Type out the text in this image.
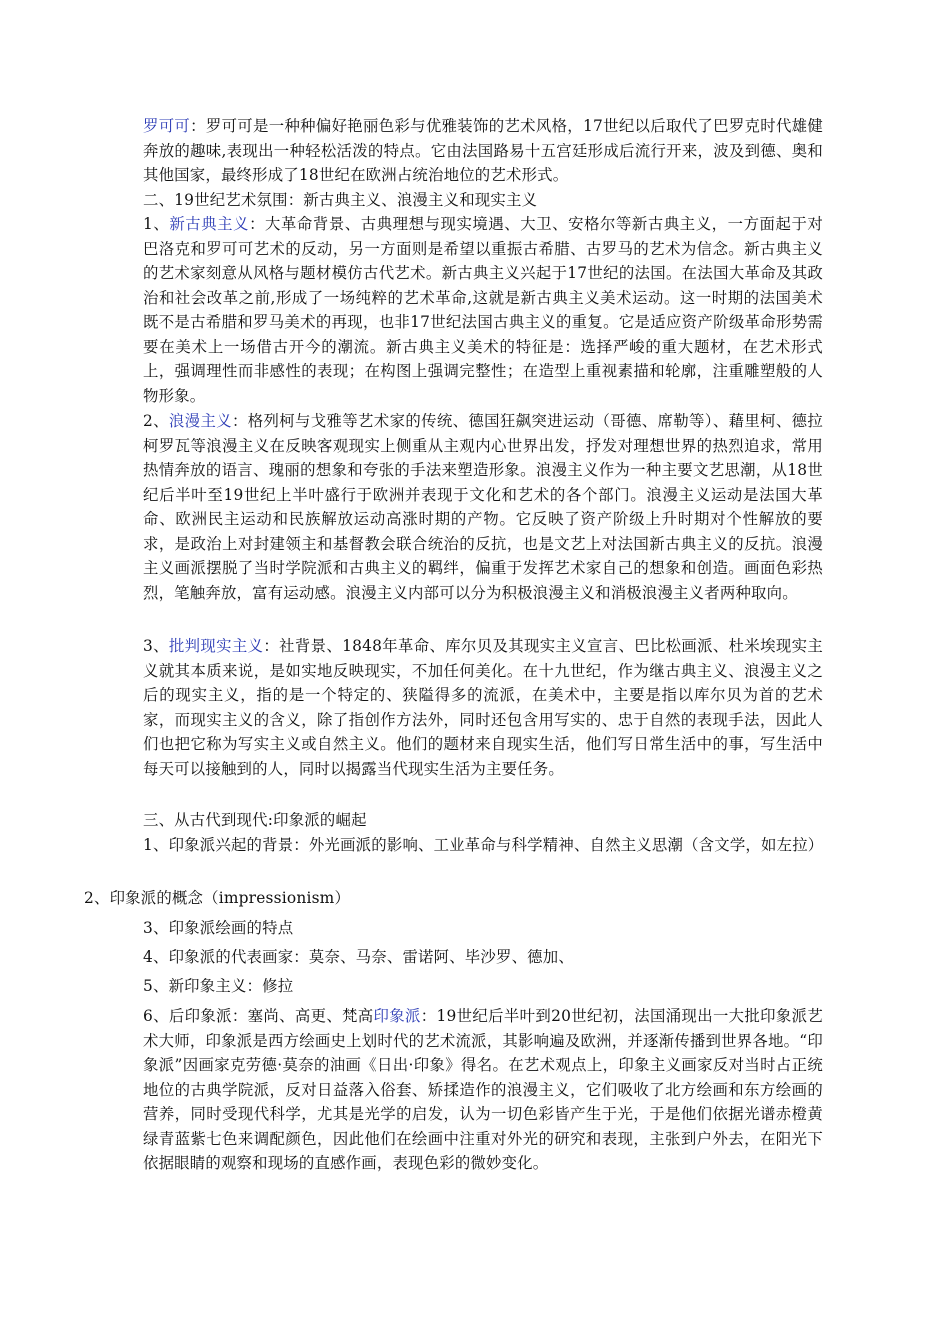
罗可可：罗可可是一种种偏好艳丽色彩与优雅装饰的艺术风格，17世纪以后取代了巴罗克时代雄健奔放的趣味,表现出一种轻松活泼的特点。它由法国路易十五宫廷形成后流行开来，波及到德、奥和其他国家，最终形成了18世纪在欧洲占统治地位的艺术形式。

二、19世纪艺术氛围：新古典主义、浪漫主义和现实主义

1、新古典主义：大革命背景、古典理想与现实境遇、大卫、安格尔等新古典主义，一方面起于对巴洛克和罗可可艺术的反动，另一方面则是希望以重振古希腊、古罗马的艺术为信念。新古典主义的艺术家刻意从风格与题材模仿古代艺术。新古典主义兴起于17世纪的法国。在法国大革命及其政治和社会改革之前,形成了一场纯粹的艺术革命,这就是新古典主义美术运动。这一时期的法国美术既不是古希腊和罗马美术的再现，也非17世纪法国古典主义的重复。它是适应资产阶级革命形势需要在美术上一场借古开今的潮流。新古典主义美术的特征是：选择严峻的重大题材，在艺术形式上，强调理性而非感性的表现；在构图上强调完整性；在造型上重视素描和轮廓，注重雕塑般的人物形象。

2、浪漫主义：格列柯与戈雅等艺术家的传统、德国狂飙突进运动（哥德、席勒等）、藉里柯、德拉柯罗瓦等浪漫主义在反映客观现实上侧重从主观内心世界出发，抒发对理想世界的热烈追求，常用热情奔放的语言、瑰丽的想象和夸张的手法来塑造形象。浪漫主义作为一种主要文艺思潮，从18世纪后半叶至19世纪上半叶盛行于欧洲并表现于文化和艺术的各个部门。浪漫主义运动是法国大革命、欧洲民主运动和民族解放运动高涨时期的产物。它反映了资产阶级上升时期对个性解放的要求，是政治上对封建领主和基督教会联合统治的反抗，也是文艺上对法国新古典主义的反抗。浪漫主义画派摆脱了当时学院派和古典主义的羁绊，偏重于发挥艺术家自己的想象和创造。画面色彩热烈，笔触奔放，富有运动感。浪漫主义内部可以分为积极浪漫主义和消极浪漫主义者两种取向。

3、批判现实主义：社背景、1848年革命、库尔贝及其现实主义宣言、巴比松画派、杜米埃现实主义就其本质来说，是如实地反映现实，不加任何美化。在十九世纪，作为继古典主义、浪漫主义之后的现实主义，指的是一个特定的、狭隘得多的流派，在美术中，主要是指以库尔贝为首的艺术家，而现实主义的含义，除了指创作方法外，同时还包含用写实的、忠于自然的表现手法，因此人们也把它称为写实主义或自然主义。他们的题材来自现实生活，他们写日常生活中的事，写生活中每天可以接触到的人，同时以揭露当代现实生活为主要任务。

三、从古代到现代:印象派的崛起

1、印象派兴起的背景：外光画派的影响、工业革命与科学精神、自然主义思潮（含文学，如左拉）

2、印象派的概念（impressionism）

3、印象派绘画的特点

4、印象派的代表画家：莫奈、马奈、雷诺阿、毕沙罗、德加、

5、新印象主义：修拉

6、后印象派：塞尚、高更、梵高印象派：19世纪后半叶到20世纪初，法国涌现出一大批印象派艺术大师，印象派是西方绘画史上划时代的艺术流派，其影响遍及欧洲，并逐渐传播到世界各地。“印象派”因画家克劳德·莫奈的油画《日出·印象》得名。在艺术观点上，印象主义画家反对当时占正统地位的古典学院派，反对日益落入俗套、矫揉造作的浪漫主义，它们吸收了北方绘画和东方绘画的营养，同时受现代科学，尤其是光学的启发，认为一切色彩皆产生于光，于是他们依据光谱赤橙黄绿青蓝紫七色来调配颜色，因此他们在绘画中注重对外光的研究和表现，主张到户外去，在阳光下依据眼睛的观察和现场的直感作画，表现色彩的微妙变化。
